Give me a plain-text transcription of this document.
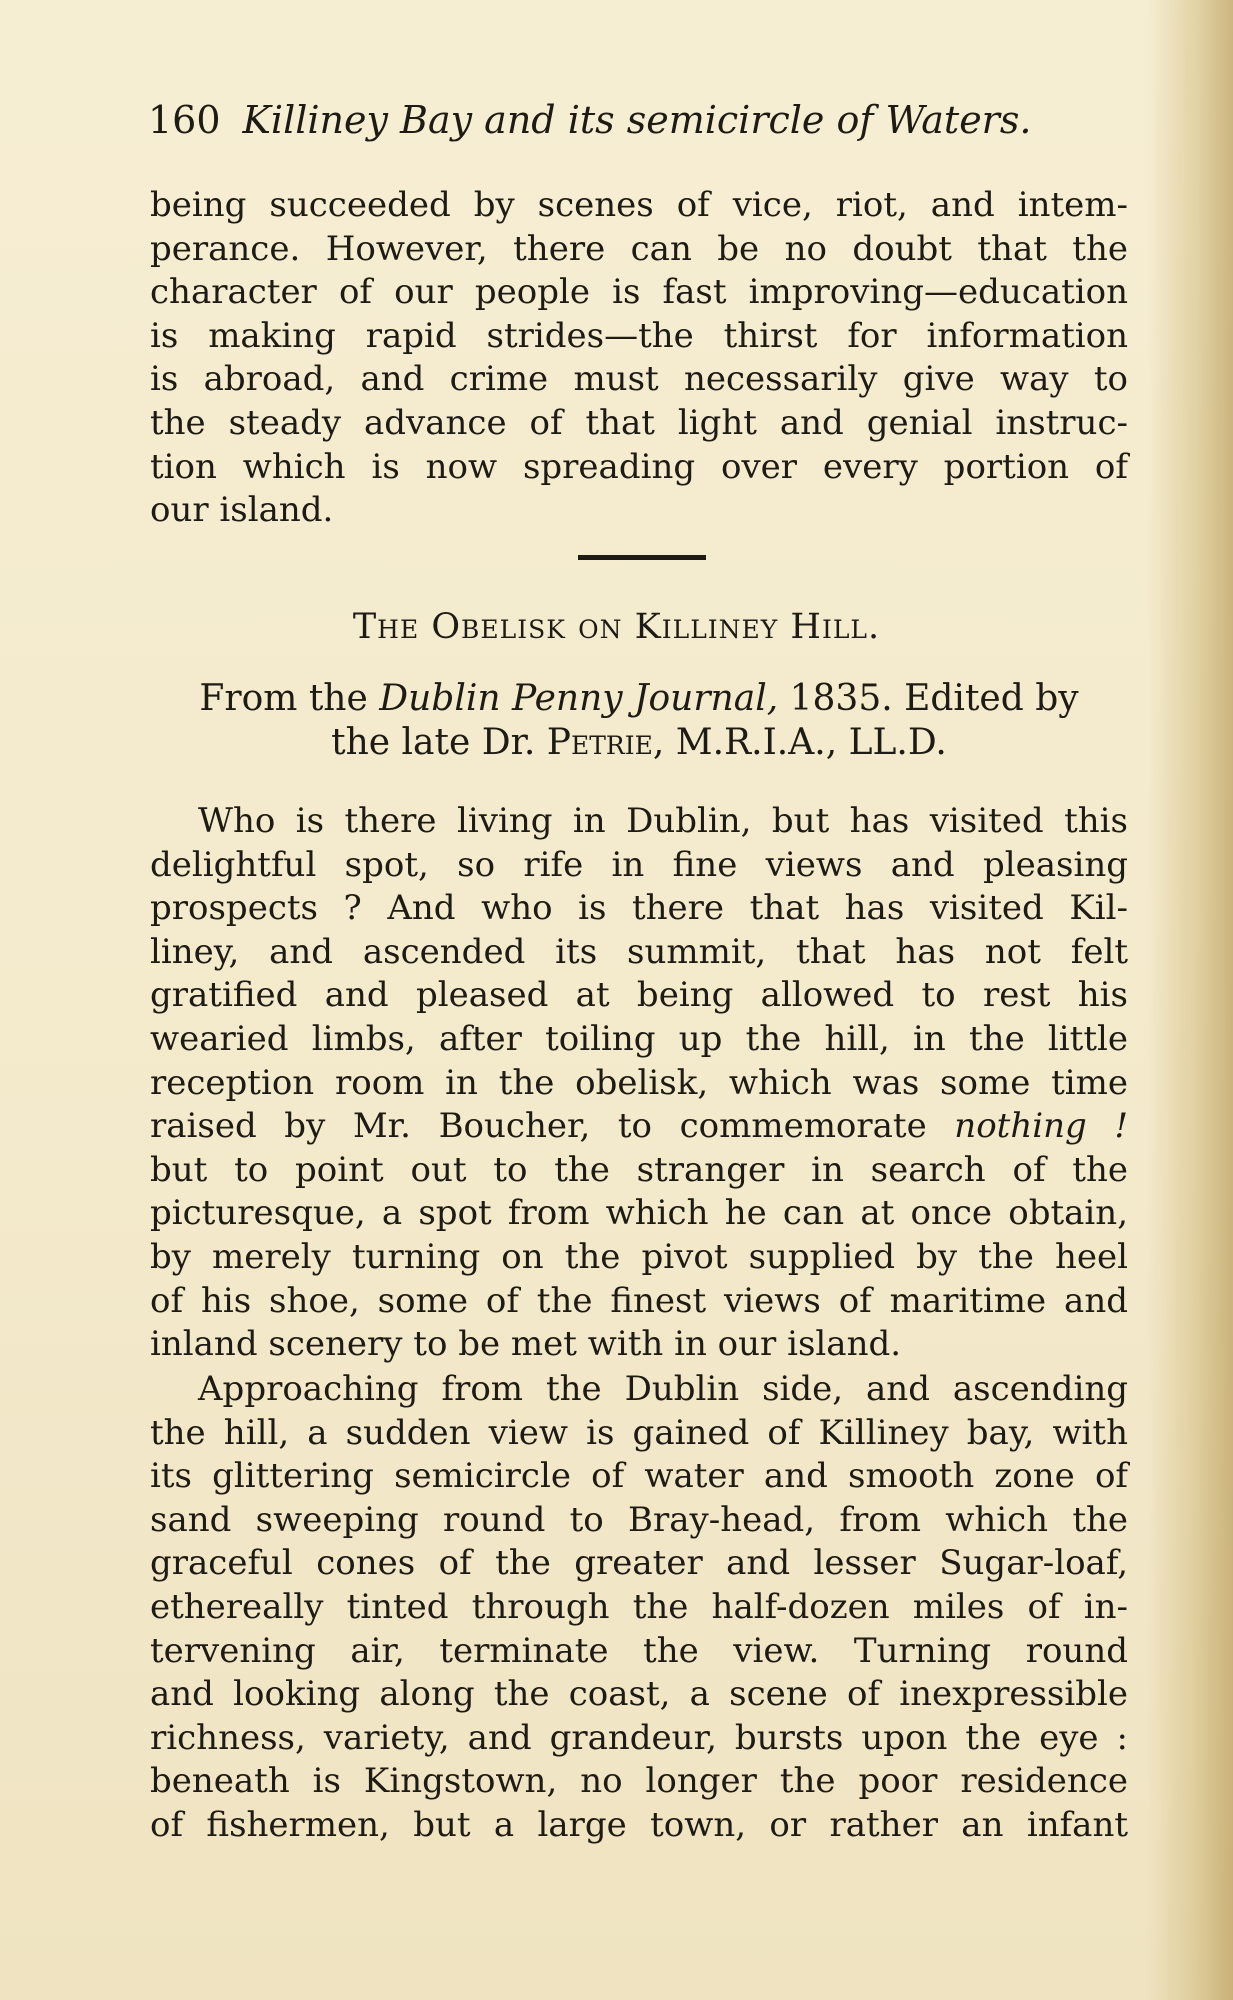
160 Killiney Bay and its semicircle of Waters.
being succeeded by scenes of vice, riot, and intem-
perance. However, there can be no doubt that the
character of our people is fast improving—education
is making rapid strides—the thirst for information
is abroad, and crime must necessarily give way to
the steady advance of that light and genial instruc-
tion which is now spreading over every portion of
our island.
The Obelisk on Killiney Hill.
From the Dublin Penny Journal, 1835. Edited by
the late Dr. Petrie, M.R.I.A., LL.D.
Who is there living in Dublin, but has visited this
delightful spot, so rife in fine views and pleasing
prospects ? And who is there that has visited Kil-
liney, and ascended its summit, that has not felt
gratified and pleased at being allowed to rest his
wearied limbs, after toiling up the hill, in the little
reception room in the obelisk, which was some time
raised by Mr. Boucher, to commemorate nothing !
but to point out to the stranger in search of the
picturesque, a spot from which he can at once obtain,
by merely turning on the pivot supplied by the heel
of his shoe, some of the finest views of maritime and
inland scenery to be met with in our island.
Approaching from the Dublin side, and ascending
the hill, a sudden view is gained of Killiney bay, with
its glittering semicircle of water and smooth zone of
sand sweeping round to Bray-head, from which the
graceful cones of the greater and lesser Sugar-loaf,
ethereally tinted through the half-dozen miles of in-
tervening air, terminate the view. Turning round
and looking along the coast, a scene of inexpressible
richness, variety, and grandeur, bursts upon the eye :
beneath is Kingstown, no longer the poor residence
of fishermen, but a large town, or rather an infant
